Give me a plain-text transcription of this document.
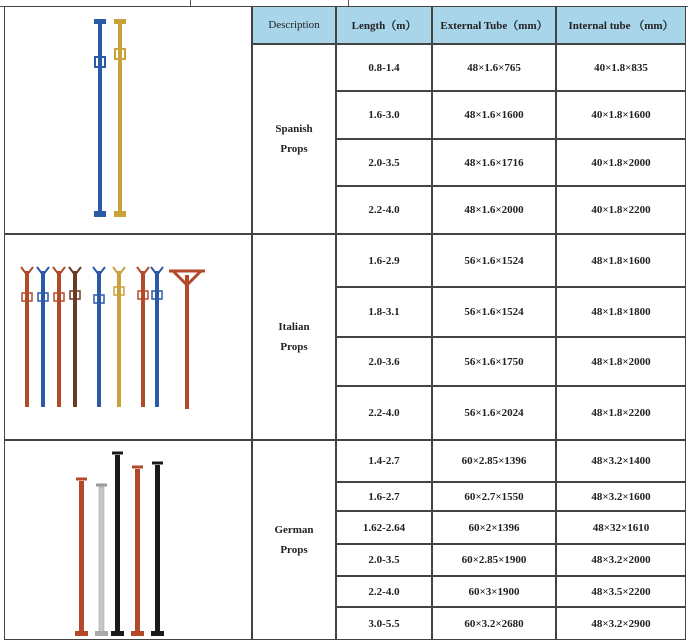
Description	Length（m）	External Tube（mm）	Internal tube （mm）
Spanish
Props
0.8-1.4	48×1.6×765	40×1.8×835
1.6-3.0	48×1.6×1600	40×1.8×1600
2.0-3.5	48×1.6×1716	40×1.8×2000
2.2-4.0	48×1.6×2000	40×1.8×2200
Italian
Props
1.6-2.9	56×1.6×1524	48×1.8×1600
1.8-3.1	56×1.6×1524	48×1.8×1800
2.0-3.6	56×1.6×1750	48×1.8×2000
2.2-4.0	56×1.6×2024	48×1.8×2200
German
Props
1.4-2.7	60×2.85×1396	48×3.2×1400
1.6-2.7	60×2.7×1550	48×3.2×1600
1.62-2.64	60×2×1396	48×32×1610
2.0-3.5	60×2.85×1900	48×3.2×2000
2.2-4.0	60×3×1900	48×3.5×2200
3.0-5.5	60×3.2×2680	48×3.2×2900
